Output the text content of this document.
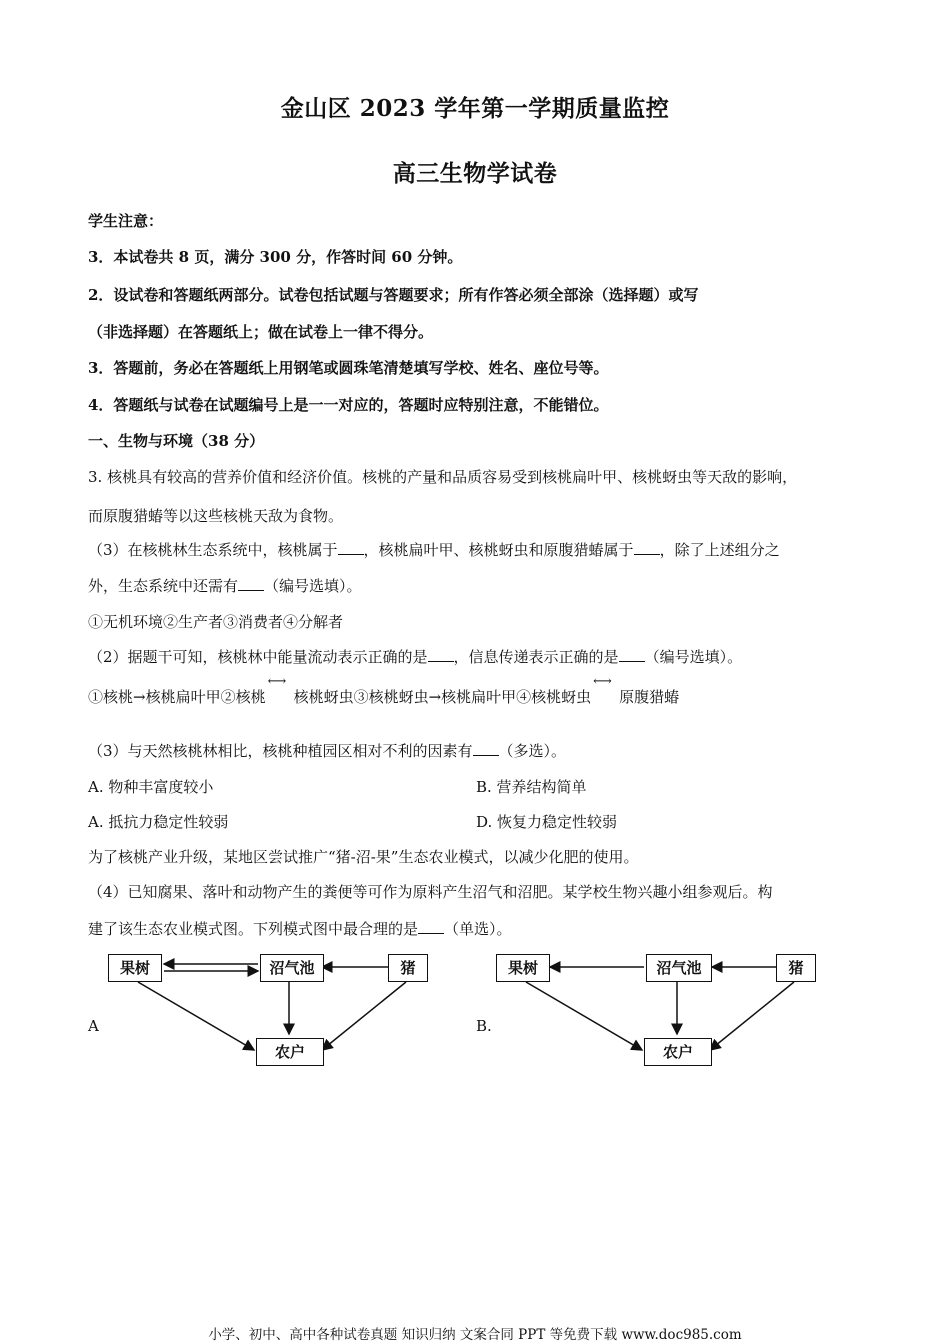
金山区 2023 学年第一学期质量监控
高三生物学试卷
学生注意：
3．本试卷共 8 页，满分 300 分，作答时间 60 分钟。
2．设试卷和答题纸两部分。试卷包括试题与答题要求；所有作答必须全部涂（选择题）或写
（非选择题）在答题纸上；做在试卷上一律不得分。
3．答题前，务必在答题纸上用钢笔或圆珠笔清楚填写学校、姓名、座位号等。
4．答题纸与试卷在试题编号上是一一对应的，答题时应特别注意，不能错位。
一、生物与环境（38 分）
3. 核桃具有较高的营养价值和经济价值。核桃的产量和品质容易受到核桃扁叶甲、核桃蚜虫等天敌的影响，
而原腹猎蝽等以这些核桃天敌为食物。
（3）在核桃林生态系统中，核桃属于 ，核桃扁叶甲、核桃蚜虫和原腹猎蝽属于 ，除了上述组分之
外，生态系统中还需有 （编号选填）。
①无机环境②生产者③消费者④分解者
（2）据题干可知，核桃林中能量流动表示正确的是 ，信息传递表示正确的是 （编号选填）。
①核桃→核桃扁叶甲②核桃
⟷
核桃蚜虫③核桃蚜虫→核桃扁叶甲④核桃蚜虫
⟷
原腹猎蝽
（3）与天然核桃林相比，核桃种植园区相对不利的因素有 （多选）。
A. 物种丰富度较小	B. 营养结构简单
A. 抵抗力稳定性较弱	D. 恢复力稳定性较弱
为了核桃产业升级，某地区尝试推广“猪-沼-果”生态农业模式，以减少化肥的使用。
（4）已知腐果、落叶和动物产生的粪便等可作为原料产生沼气和沼肥。某学校生物兴趣小组参观后。构
建了该生态农业模式图。下列模式图中最合理的是 （单选）。
A
果树	沼气池	猪
农户
B.
果树	沼气池	猪
农户
小学、初中、高中各种试卷真题 知识归纳 文案合同 PPT 等免费下载 www.doc985.com
